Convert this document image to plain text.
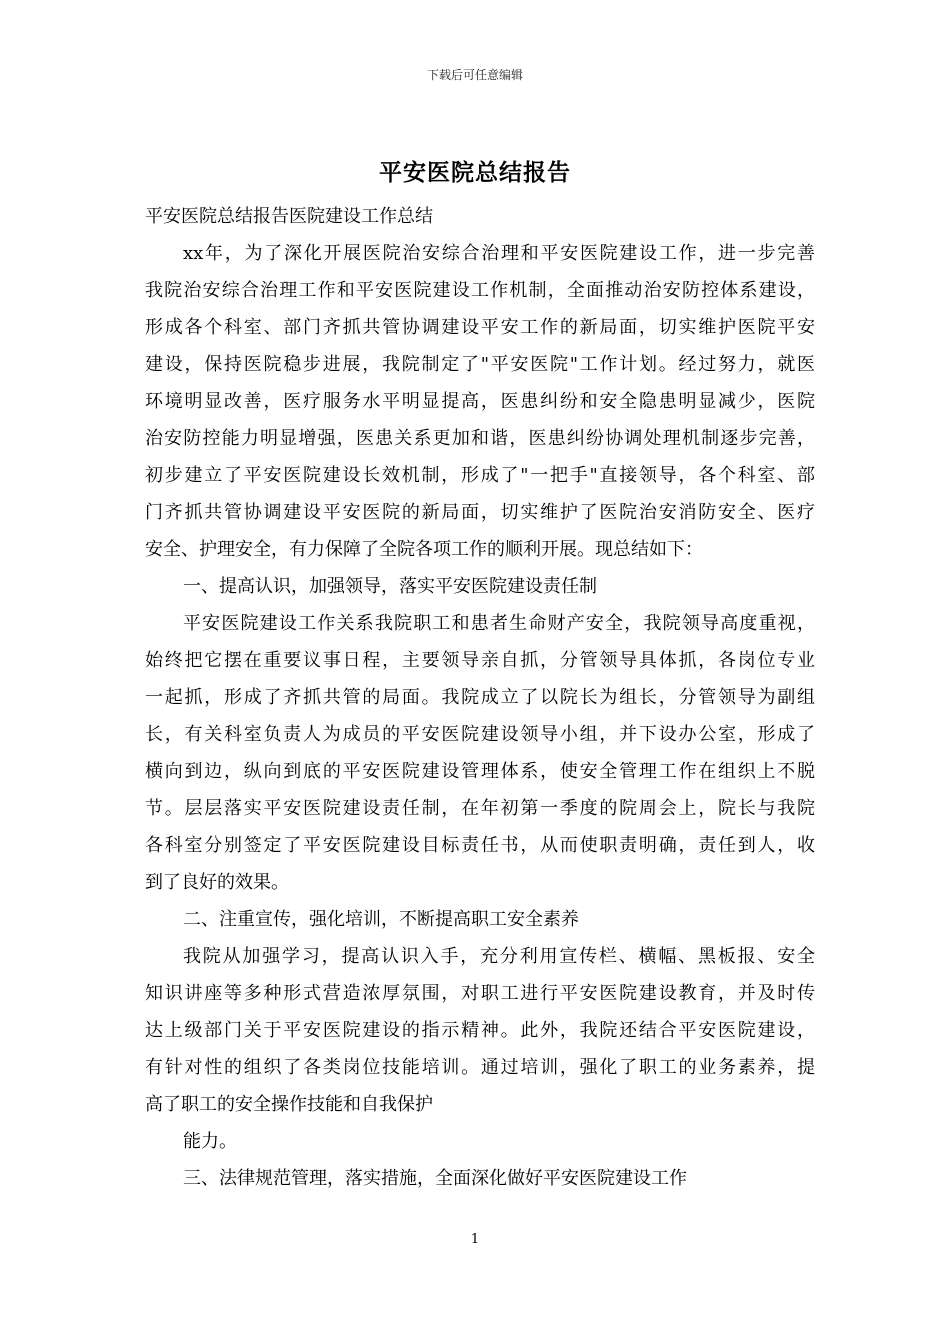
下载后可任意编辑
平安医院总结报告
平安医院总结报告医院建设工作总结
xx年，为了深化开展医院治安综合治理和平安医院建设工作，进一步完善
我院治安综合治理工作和平安医院建设工作机制，全面推动治安防控体系建设，
形成各个科室、部门齐抓共管协调建设平安工作的新局面，切实维护医院平安
建设，保持医院稳步进展，我院制定了"平安医院"工作计划。经过努力，就医
环境明显改善，医疗服务水平明显提高，医患纠纷和安全隐患明显减少，医院
治安防控能力明显增强，医患关系更加和谐，医患纠纷协调处理机制逐步完善，
初步建立了平安医院建设长效机制，形成了"一把手"直接领导，各个科室、部
门齐抓共管协调建设平安医院的新局面，切实维护了医院治安消防安全、医疗
安全、护理安全，有力保障了全院各项工作的顺利开展。现总结如下：
一、提高认识，加强领导，落实平安医院建设责任制
平安医院建设工作关系我院职工和患者生命财产安全，我院领导高度重视，
始终把它摆在重要议事日程，主要领导亲自抓，分管领导具体抓，各岗位专业
一起抓，形成了齐抓共管的局面。我院成立了以院长为组长，分管领导为副组
长，有关科室负责人为成员的平安医院建设领导小组，并下设办公室，形成了
横向到边，纵向到底的平安医院建设管理体系，使安全管理工作在组织上不脱
节。层层落实平安医院建设责任制，在年初第一季度的院周会上，院长与我院
各科室分别签定了平安医院建设目标责任书，从而使职责明确，责任到人，收
到了良好的效果。
二、注重宣传，强化培训，不断提高职工安全素养
我院从加强学习，提高认识入手，充分利用宣传栏、横幅、黑板报、安全
知识讲座等多种形式营造浓厚氛围，对职工进行平安医院建设教育，并及时传
达上级部门关于平安医院建设的指示精神。此外，我院还结合平安医院建设，
有针对性的组织了各类岗位技能培训。通过培训，强化了职工的业务素养，提
高了职工的安全操作技能和自我保护
能力。
三、法律规范管理，落实措施，全面深化做好平安医院建设工作
1
